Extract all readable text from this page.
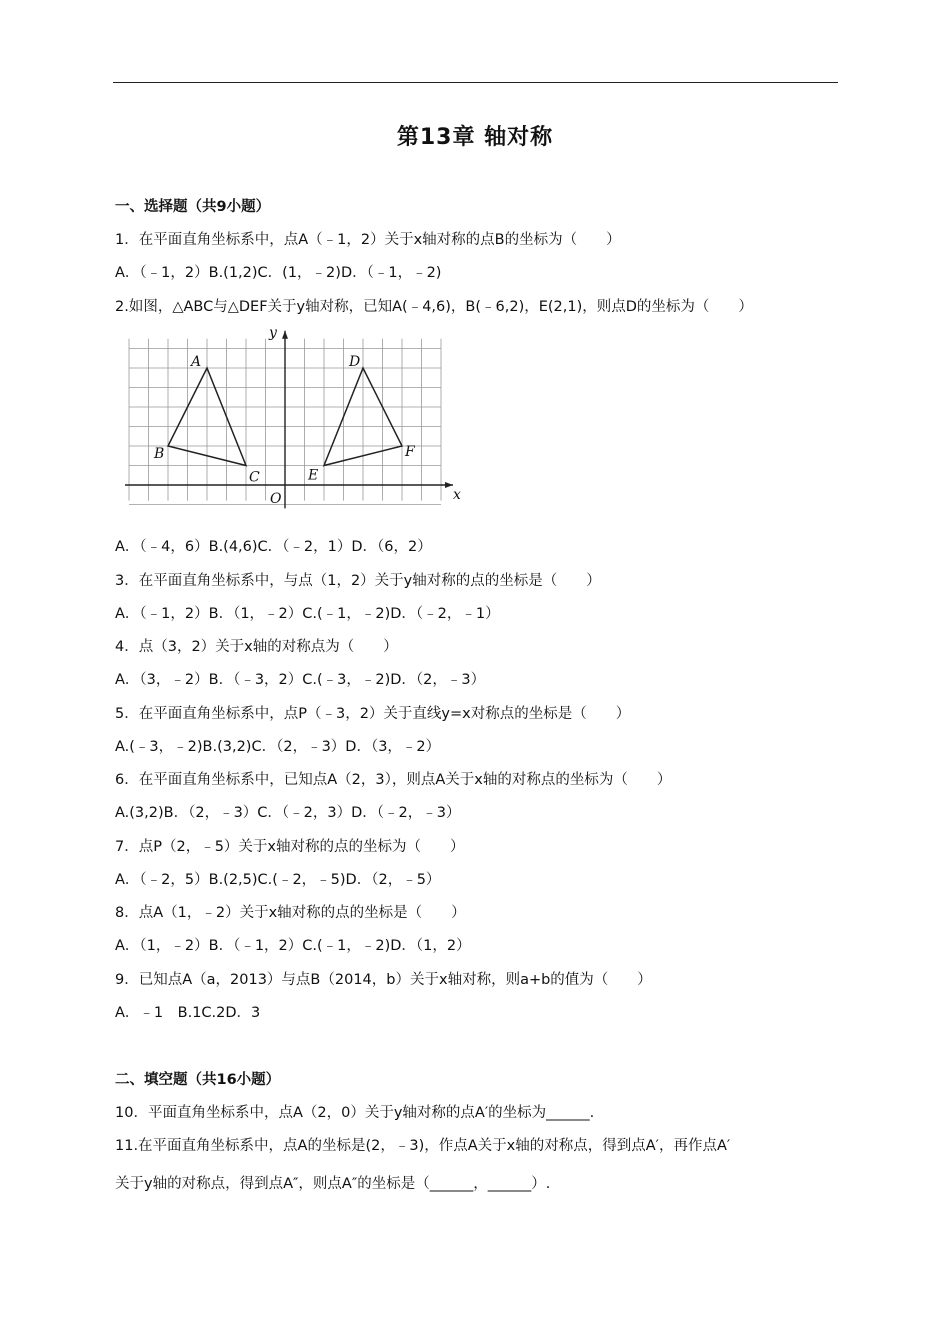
第13章 轴对称
一、选择题（共9小题）
1．在平面直角坐标系中，点A（﹣1，2）关于x轴对称的点B的坐标为（　　）
A．（﹣1，2）B.(1,2)C．(1，﹣2)D．（﹣1，﹣2)
2.如图，△ABC与△DEF关于y轴对称，已知A(﹣4,6)，B(﹣6,2)，E(2,1)，则点D的坐标为（　　）
y
x
O
A
B
C
D
E
F
A．（﹣4，6）B.(4,6)C．（﹣2，1）D．（6，2）
3．在平面直角坐标系中，与点（1，2）关于y轴对称的点的坐标是（　　）
A．（﹣1，2）B．（1，﹣2）C.(﹣1，﹣2)D．（﹣2，﹣1）
4．点（3，2）关于x轴的对称点为（　　）
A．（3，﹣2）B．（﹣3，2）C.(﹣3，﹣2)D．（2，﹣3）
5．在平面直角坐标系中，点P（﹣3，2）关于直线y=x对称点的坐标是（　　）
A.(﹣3，﹣2)B.(3,2)C．（2，﹣3）D．（3，﹣2）
6．在平面直角坐标系中，已知点A（2，3），则点A关于x轴的对称点的坐标为（　　）
A.(3,2)B．（2，﹣3）C．（﹣2，3）D．（﹣2，﹣3）
7．点P（2，﹣5）关于x轴对称的点的坐标为（　　）
A．（﹣2，5）B.(2,5)C.(﹣2，﹣5)D．（2，﹣5）
8．点A（1，﹣2）关于x轴对称的点的坐标是（　　）
A．（1，﹣2）B．（﹣1，2）C.(﹣1，﹣2)D．（1，2）
9．已知点A（a，2013）与点B（2014，b）关于x轴对称，则a+b的值为（　　）
A．﹣1　B.1C.2D．3
二、填空题（共16小题）
10．平面直角坐标系中，点A（2，0）关于y轴对称的点A′的坐标为______.
11.在平面直角坐标系中，点A的坐标是(2，﹣3)，作点A关于x轴的对称点，得到点A′，再作点A′
关于y轴的对称点，得到点A″，则点A″的坐标是（______，______）.
